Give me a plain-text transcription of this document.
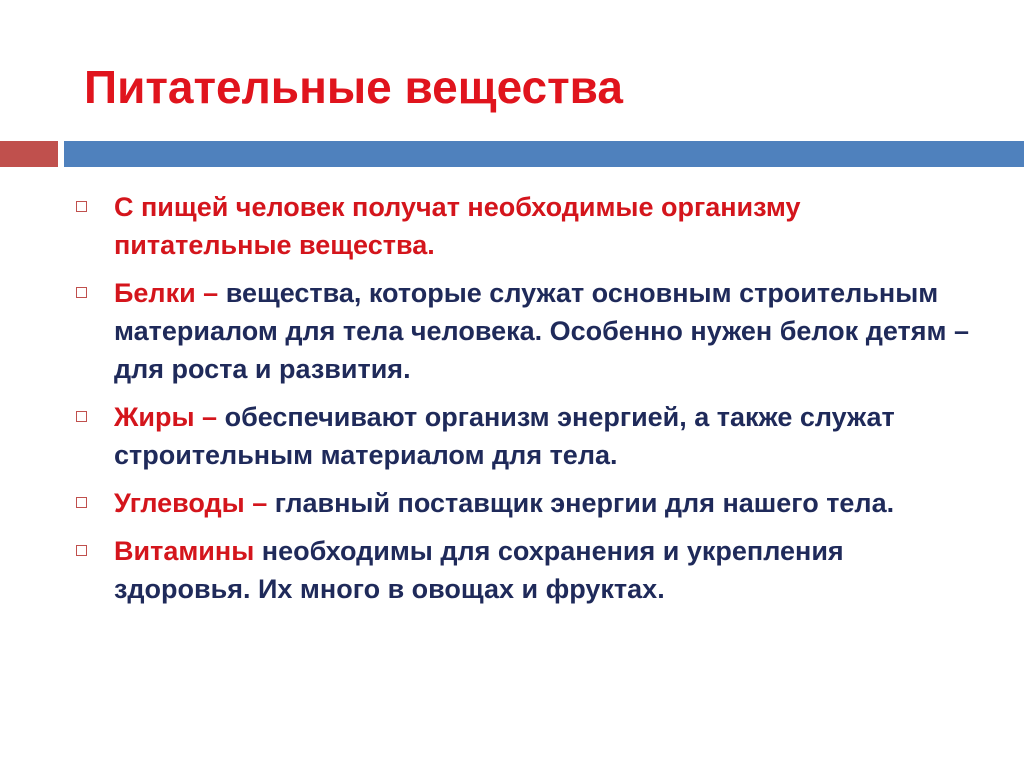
Питательные вещества
С пищей человек получат необходимые организму питательные вещества.
Белки – вещества, которые служат основным строительным материалом для тела человека. Особенно нужен белок детям – для роста и развития.
Жиры – обеспечивают организм энергией, а также служат строительным материалом для тела.
Углеводы – главный поставщик энергии для нашего тела.
Витамины необходимы для сохранения и укрепления здоровья. Их много в овощах и фруктах.
